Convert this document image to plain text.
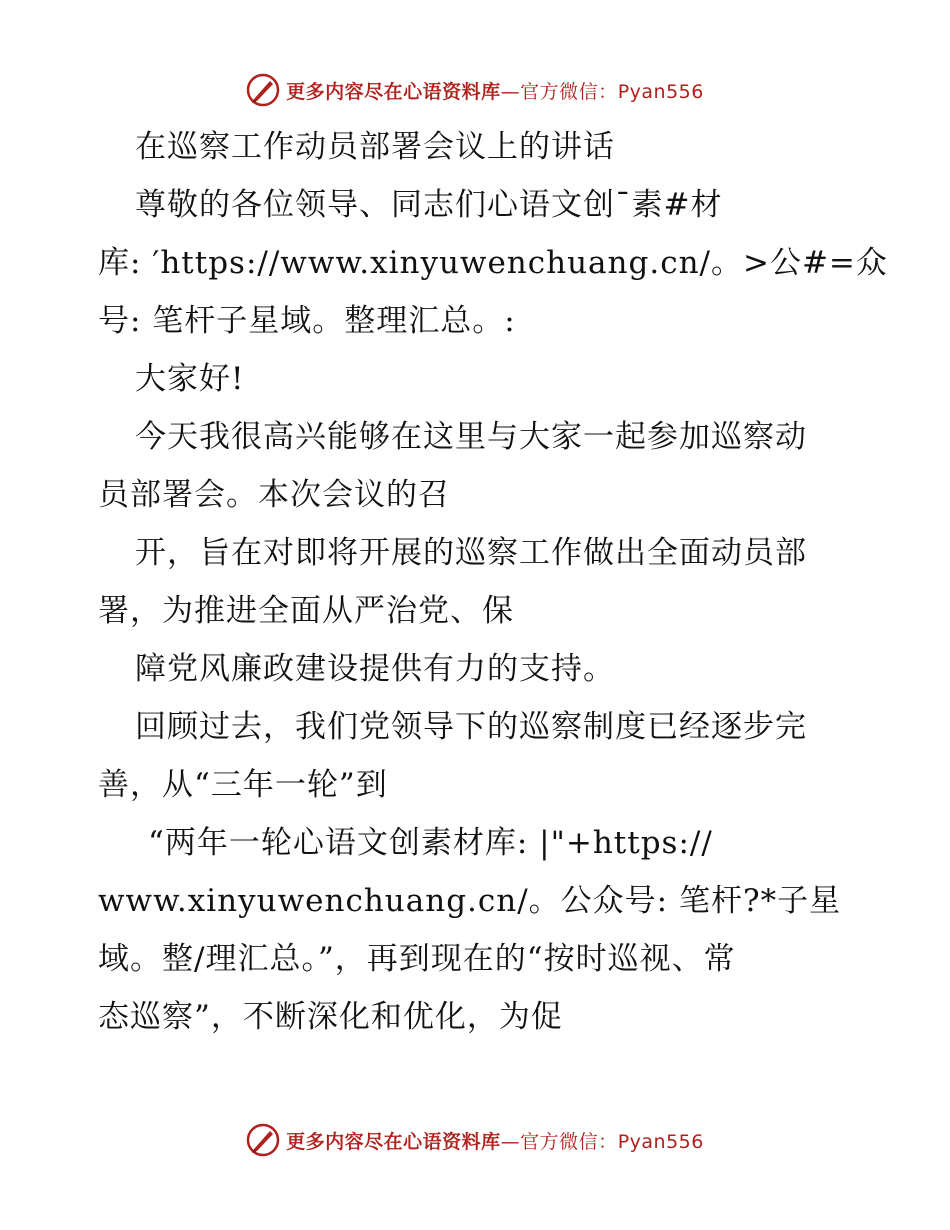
更多内容尽在心语资料库—官方微信：Pyan556
在巡察工作动员部署会议上的讲话
尊敬的各位领导、同志们心语文创¯素#材
库: ′https://www.xinyuwenchuang.cn/。>公#=众
号: 笔杆子星域。整理汇总。:
大家好!
今天我很高兴能够在这里与大家一起参加巡察动
员部署会。本次会议的召
开，旨在对即将开展的巡察工作做出全面动员部
署，为推进全面从严治党、保
障党风廉政建设提供有力的支持。
回顾过去，我们党领导下的巡察制度已经逐步完
善，从“三年一轮”到
“两年一轮心语文创素材库: |"+https://
www.xinyuwenchuang.cn/。公众号: 笔杆?*子星
域。整/理汇总。”，再到现在的“按时巡视、常
态巡察”，不断深化和优化，为促
更多内容尽在心语资料库—官方微信：Pyan556
